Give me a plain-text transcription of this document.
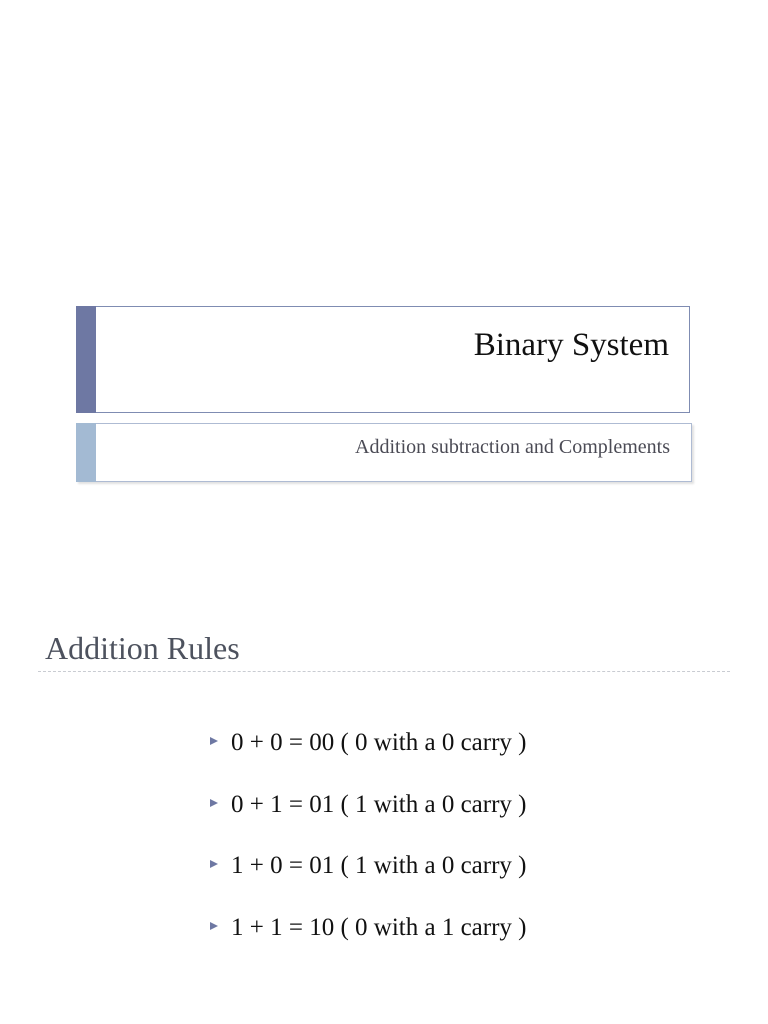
Binary System
Addition subtraction and Complements
Addition Rules
0 + 0 = 00 ( 0 with a 0 carry )
0 + 1 = 01 ( 1 with a 0 carry )
1 + 0 = 01 ( 1 with a 0 carry )
1 + 1 = 10 ( 0 with a 1 carry )
